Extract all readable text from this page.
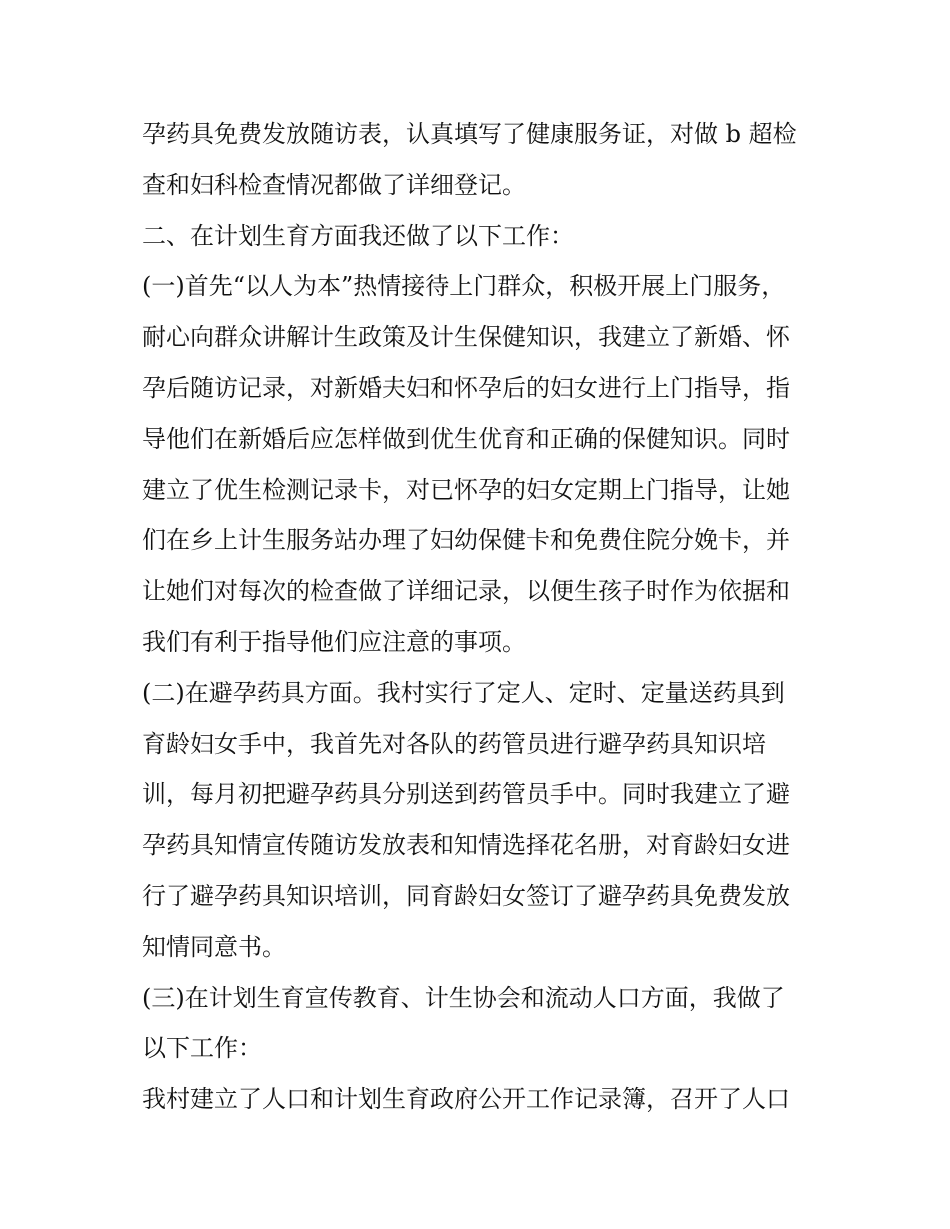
孕药具免费发放随访表，认真填写了健康服务证，对做 b 超检
查和妇科检查情况都做了详细登记。
二、在计划生育方面我还做了以下工作：
(一)首先“以人为本”热情接待上门群众，积极开展上门服务，
耐心向群众讲解计生政策及计生保健知识，我建立了新婚、怀
孕后随访记录，对新婚夫妇和怀孕后的妇女进行上门指导，指
导他们在新婚后应怎样做到优生优育和正确的保健知识。同时
建立了优生检测记录卡，对已怀孕的妇女定期上门指导，让她
们在乡上计生服务站办理了妇幼保健卡和免费住院分娩卡，并
让她们对每次的检查做了详细记录，以便生孩子时作为依据和
我们有利于指导他们应注意的事项。
(二)在避孕药具方面。我村实行了定人、定时、定量送药具到
育龄妇女手中，我首先对各队的药管员进行避孕药具知识培
训，每月初把避孕药具分别送到药管员手中。同时我建立了避
孕药具知情宣传随访发放表和知情选择花名册，对育龄妇女进
行了避孕药具知识培训，同育龄妇女签订了避孕药具免费发放
知情同意书。
(三)在计划生育宣传教育、计生协会和流动人口方面，我做了
以下工作：
我村建立了人口和计划生育政府公开工作记录簿，召开了人口
